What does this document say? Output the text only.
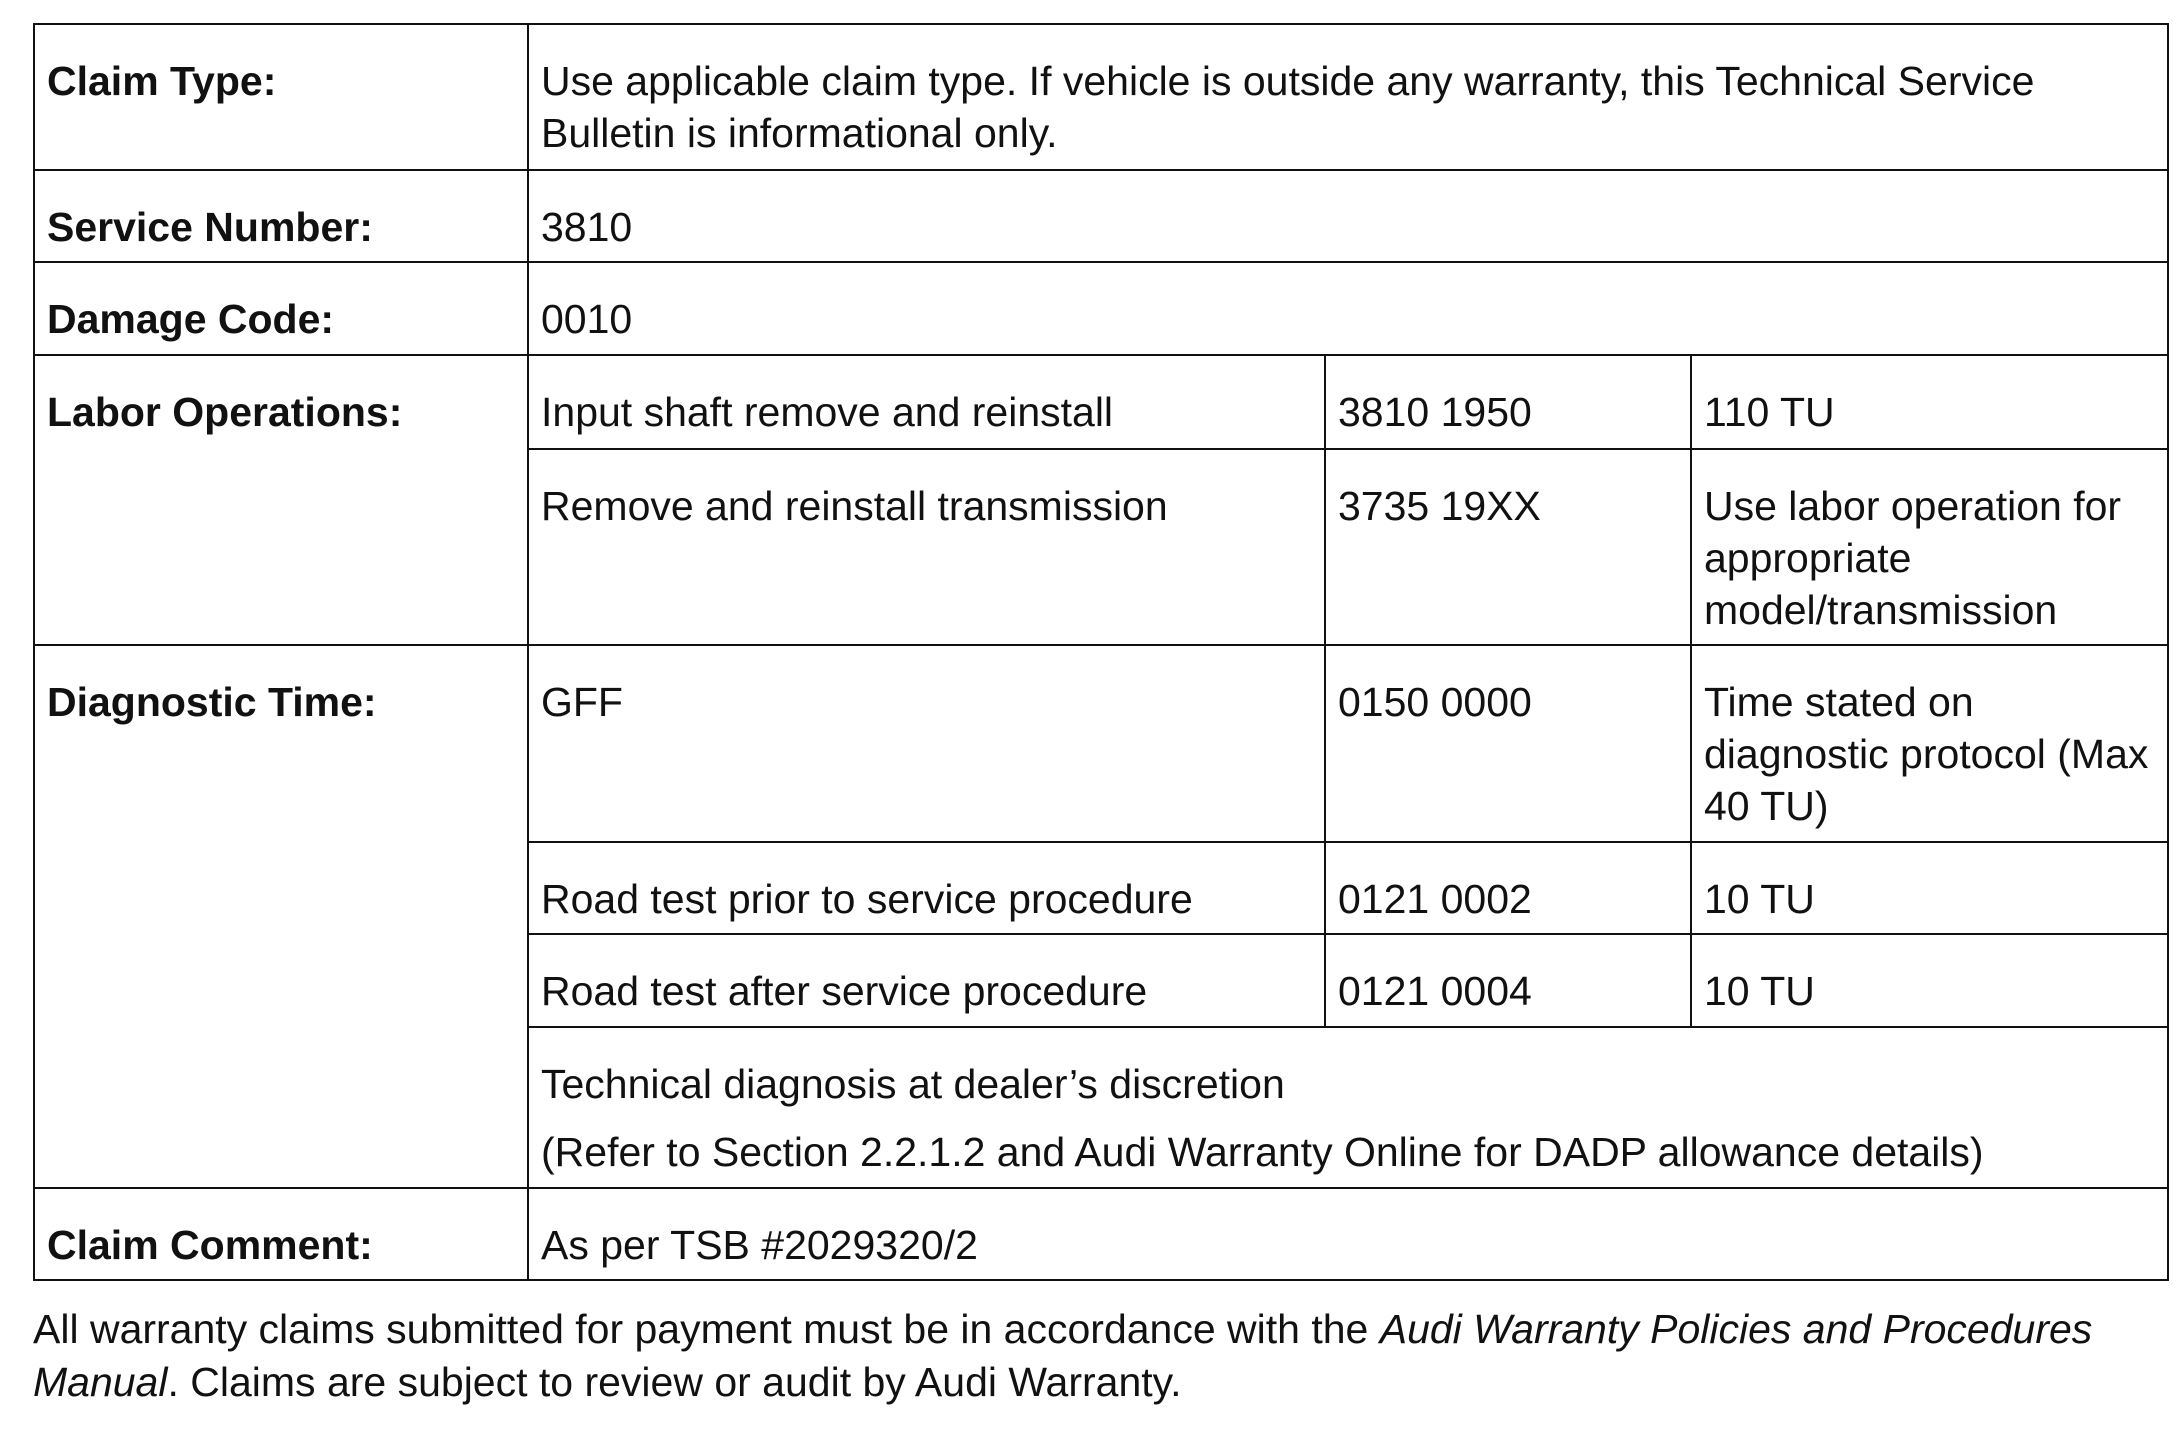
Claim Type:	Use applicable claim type. If vehicle is outside any warranty, this Technical Service Bulletin is informational only.		
Service Number:	3810		
Damage Code:	0010		
Labor Operations:	Input shaft remove and reinstall	3810 1950	110 TU
	Remove and reinstall transmission	3735 19XX	Use labor operation for appropriate model/transmission
Diagnostic Time:	GFF	0150 0000	Time stated on diagnostic protocol (Max 40 TU)
	Road test prior to service procedure	0121 0002	10 TU
	Road test after service procedure	0121 0004	10 TU

	Technical diagnosis at dealer’s discretion
(Refer to Section 2.2.1.2 and Audi Warranty Online for DADP allowance details)		

Claim Comment:	As per TSB #2029320/2		

All warranty claims submitted for payment must be in accordance with the Audi Warranty Policies and Procedures Manual. Claims are subject to review or audit by Audi Warranty.
